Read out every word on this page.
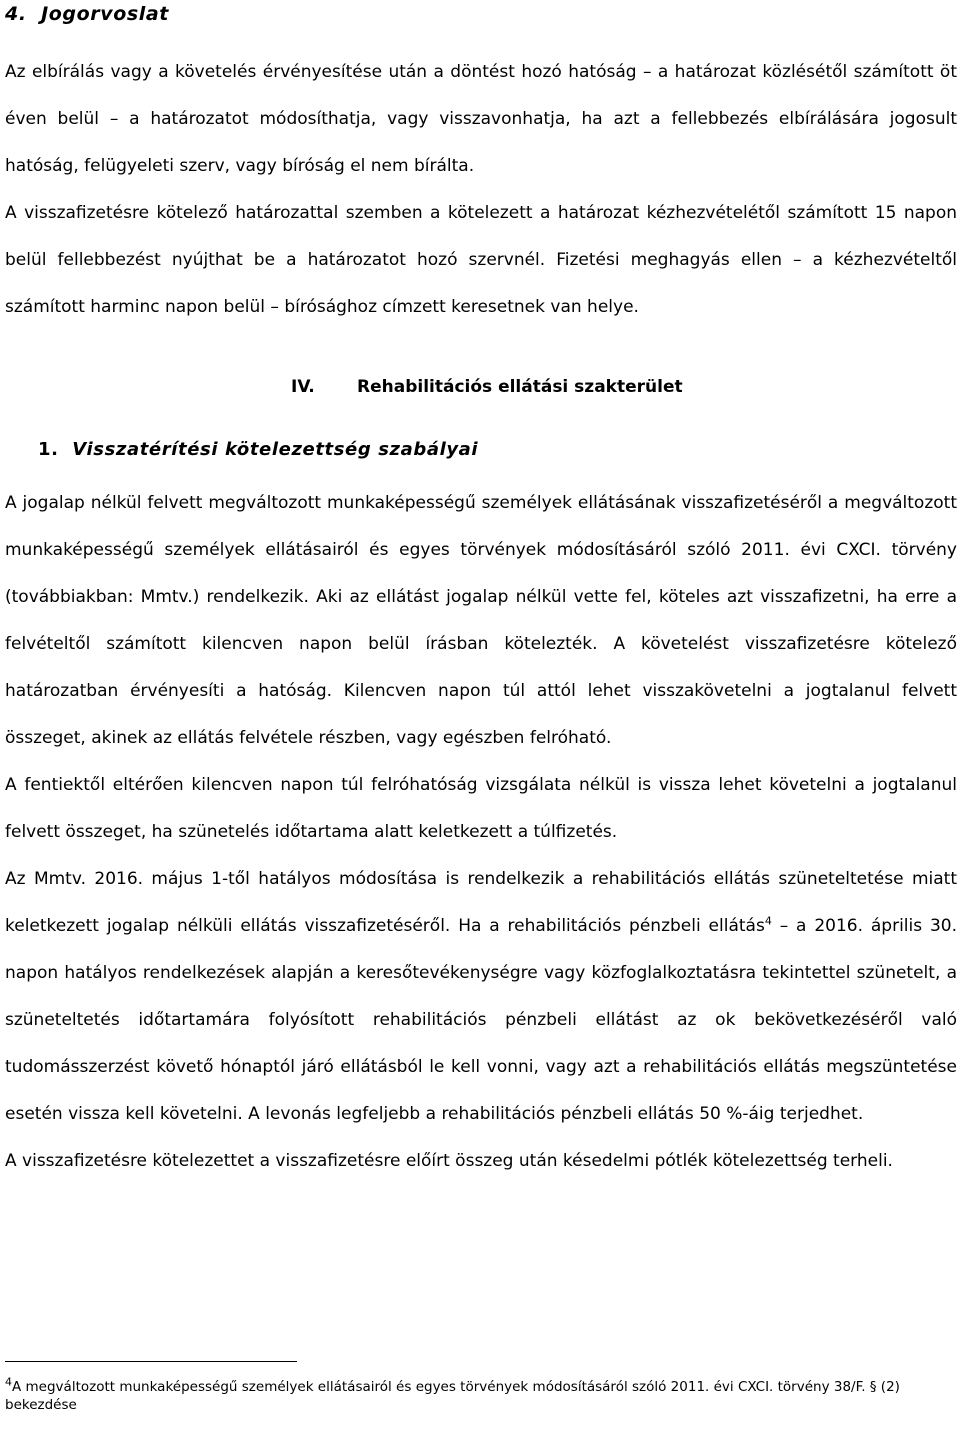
4. Jogorvoslat

Az elbírálás vagy a követelés érvényesítése után a döntést hozó hatóság – a határozat közlésétől számított öt éven belül – a határozatot módosíthatja, vagy visszavonhatja, ha azt a fellebbezés elbírálására jogosult hatóság, felügyeleti szerv, vagy bíróság el nem bírálta.

A visszafizetésre kötelező határozattal szemben a kötelezett a határozat kézhezvételétől számított 15 napon belül fellebbezést nyújthat be a határozatot hozó szervnél. Fizetési meghagyás ellen – a kézhezvételtől számított harminc napon belül – bírósághoz címzett keresetnek van helye.

IV. Rehabilitációs ellátási szakterület
1. Visszatérítési kötelezettség szabályai

A jogalap nélkül felvett megváltozott munkaképességű személyek ellátásának visszafizetéséről a megváltozott munkaképességű személyek ellátásairól és egyes törvények módosításáról szóló 2011. évi CXCI. törvény (továbbiakban: Mmtv.) rendelkezik. Aki az ellátást jogalap nélkül vette fel, köteles azt visszafizetni, ha erre a felvételtől számított kilencven napon belül írásban kötelezték. A követelést visszafizetésre kötelező határozatban érvényesíti a hatóság. Kilencven napon túl attól lehet visszakövetelni a jogtalanul felvett összeget, akinek az ellátás felvétele részben, vagy egészben felróható.

A fentiektől eltérően kilencven napon túl felróhatóság vizsgálata nélkül is vissza lehet követelni a jogtalanul felvett összeget, ha szünetelés időtartama alatt keletkezett a túlfizetés.

Az Mmtv. 2016. május 1-től hatályos módosítása is rendelkezik a rehabilitációs ellátás szüneteltetése miatt keletkezett jogalap nélküli ellátás visszafizetéséről. Ha a rehabilitációs pénzbeli ellátás$^4$ – a 2016. április 30. napon hatályos rendelkezések alapján a keresőtevékenységre vagy közfoglalkoztatásra tekintettel szünetelt, a szüneteltetés időtartamára folyósított rehabilitációs pénzbeli ellátást az ok bekövetkezéséről való tudomásszerzést követő hónaptól járó ellátásból le kell vonni, vagy azt a rehabilitációs ellátás megszüntetése esetén vissza kell követelni. A levonás legfeljebb a rehabilitációs pénzbeli ellátás 50 %-áig terjedhet.

A visszafizetésre kötelezettet a visszafizetésre előírt összeg után késedelmi pótlék kötelezettség terheli.

$^4$A megváltozott munkaképességű személyek ellátásairól és egyes törvények módosításáról szóló 2011. évi CXCI. törvény 38/F. § (2) bekezdése
